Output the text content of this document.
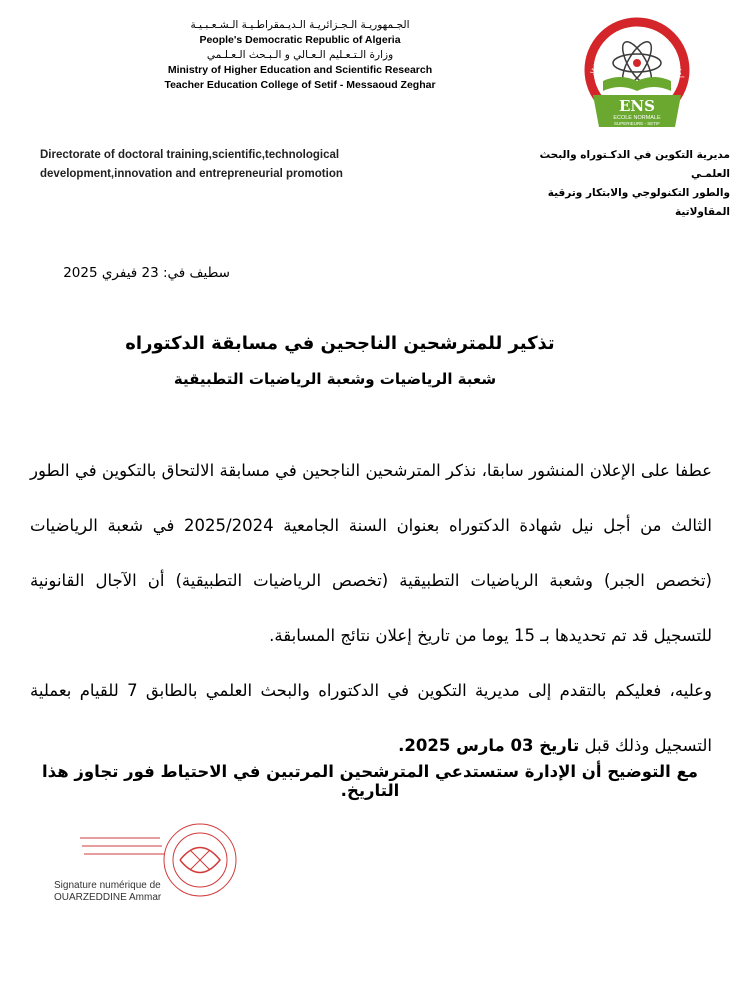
الجـمهوريـة الـجـزائريـة الـديـمقراطـيـة الـشـعـبـيـة
People's Democratic Republic of Algeria
وزارة الـتـعـليم الـعـالي و الـبـحث الـعـلـمي
Ministry of Higher Education and Scientific Research
Teacher Education College of Setif - Messaoud Zeghar
لمدرسة العليا للأساتذة بسطيف - مسعود زغار
ENS
ECOLE NORMALE
SUPERIEURE - SETIF
Directorate of doctoral training,scientific,technological
development,innovation and entrepreneurial promotion
مديرية التكوين في الدكـتوراه والبحث العلمـي
والطور التكنولوجي والابتكار وترقية المقاولاتية
سطيف في: 23 فيفري 2025
تذكير للمترشحين الناجحين في مسابقة الدكتوراه
شعبة الرياضيات وشعبة الرياضيات التطبيقية

عطفا على الإعلان المنشور سابقا، نذكر المترشحين الناجحين في مسابقة الالتحاق بالتكوين في الطور الثالث من أجل نيل شهادة الدكتوراه بعنوان السنة الجامعية 2025/2024 في شعبة الرياضيات (تخصص الجبر) وشعبة الرياضيات التطبيقية (تخصص الرياضيات التطبيقية) أن الآجال القانونية للتسجيل قد تم تحديدها بـ 15 يوما من تاريخ إعلان نتائج المسابقة.

وعليه، فعليكم بالتقدم إلى مديرية التكوين في الدكتوراه والبحث العلمي بالطابق 7 للقيام بعملية التسجيل وذلك قبل تاريخ 03 مارس 2025.

مع التوضيح أن الإدارة ستستدعي المترشحين المرتبين في الاحتياط فور تجاوز هذا التاريخ.
Signature numérique de
OUARZEDDINE Ammar
